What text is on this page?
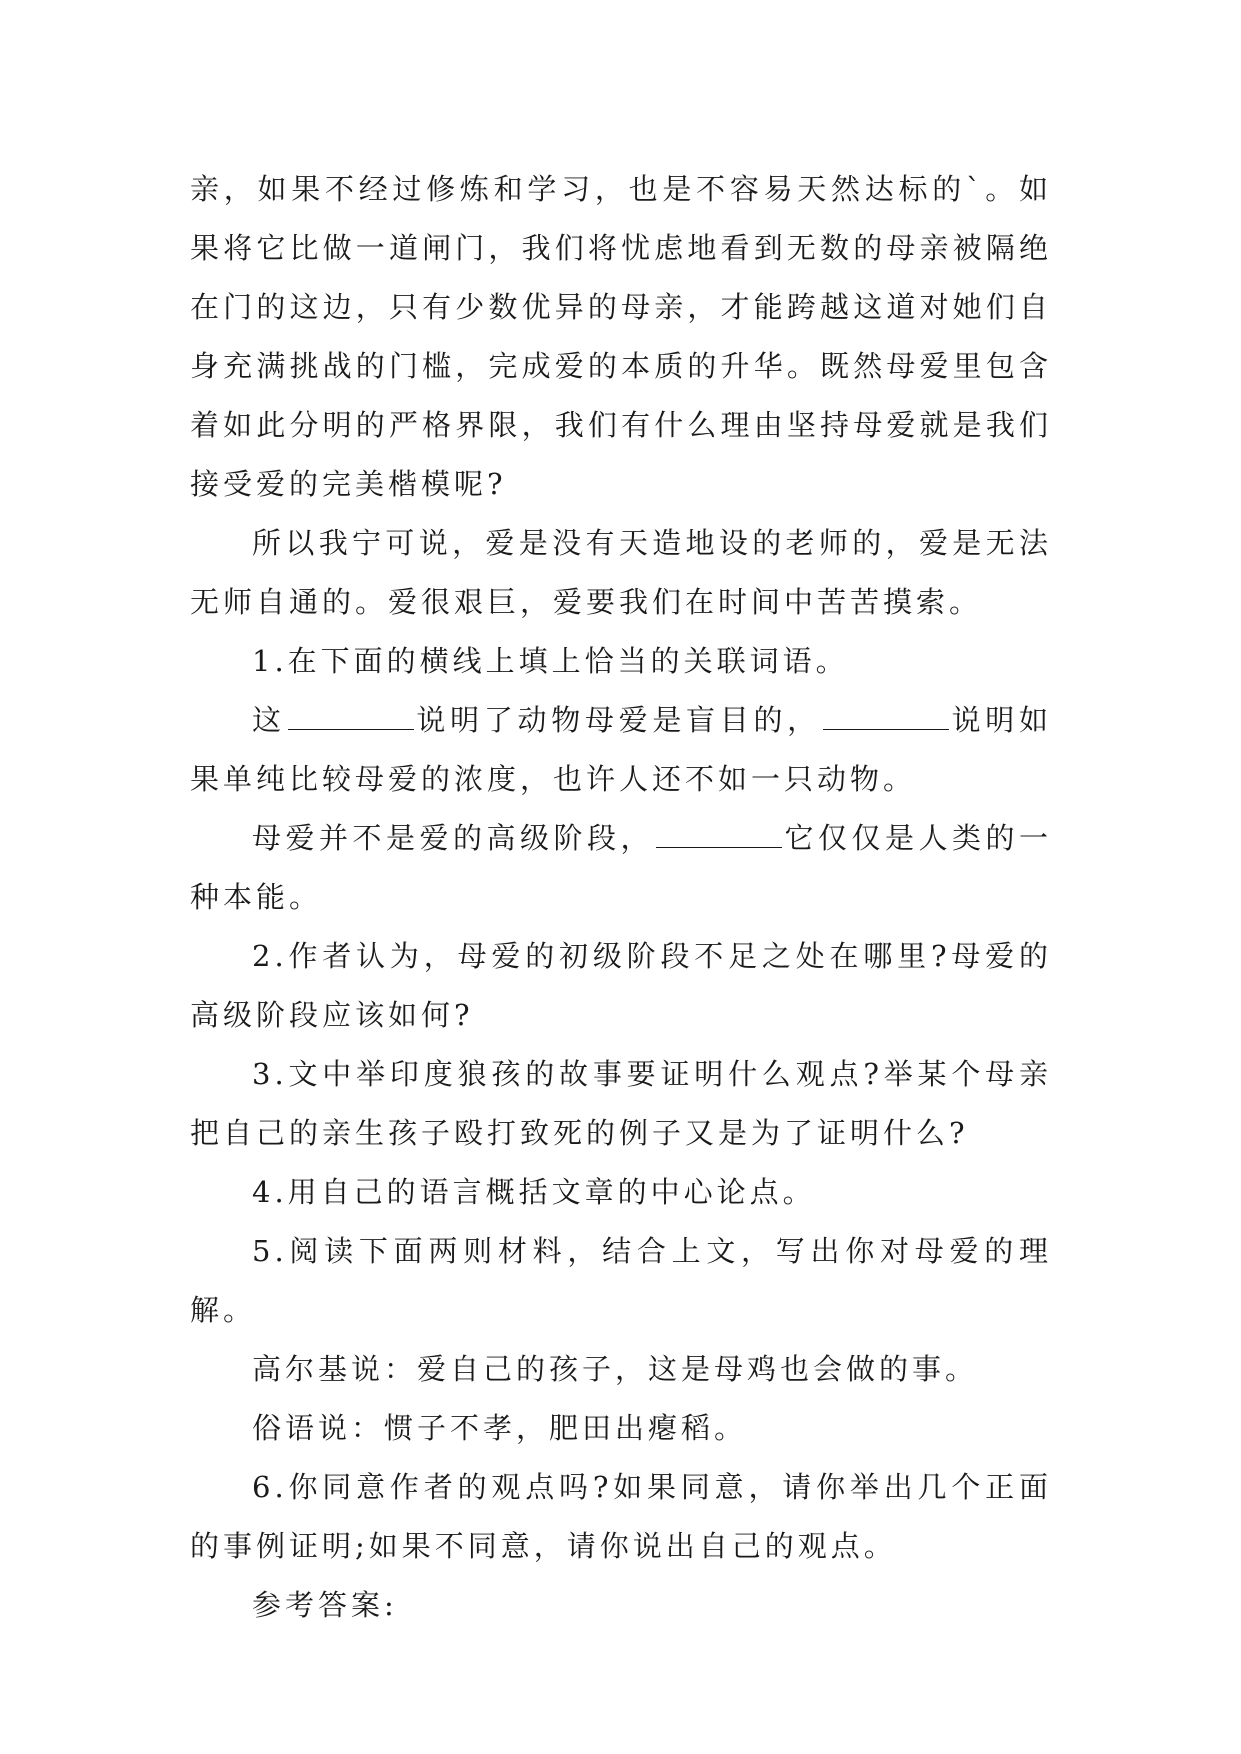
亲，如果不经过修炼和学习，也是不容易天然达标的`。如果将它比做一道闸门，我们将忧虑地看到无数的母亲被隔绝在门的这边，只有少数优异的母亲，才能跨越这道对她们自身充满挑战的门槛，完成爱的本质的升华。既然母爱里包含着如此分明的严格界限，我们有什么理由坚持母爱就是我们接受爱的完美楷模呢?

所以我宁可说，爱是没有天造地设的老师的，爱是无法无师自通的。爱很艰巨，爱要我们在时间中苦苦摸索。

1.在下面的横线上填上恰当的关联词语。

这	说明了动物母爱是盲目的，	说明如果单纯比较母爱的浓度，也许人还不如一只动物。

母爱并不是爱的高级阶段，	它仅仅是人类的一种本能。

2.作者认为，母爱的初级阶段不足之处在哪里?母爱的高级阶段应该如何?

3.文中举印度狼孩的故事要证明什么观点?举某个母亲把自己的亲生孩子殴打致死的例子又是为了证明什么?

4.用自己的语言概括文章的中心论点。

5.阅读下面两则材料，结合上文，写出你对母爱的理解。

高尔基说：爱自己的孩子，这是母鸡也会做的事。

俗语说：惯子不孝，肥田出瘪稻。

6.你同意作者的观点吗?如果同意，请你举出几个正面的事例证明;如果不同意，请你说出自己的观点。

参考答案:
